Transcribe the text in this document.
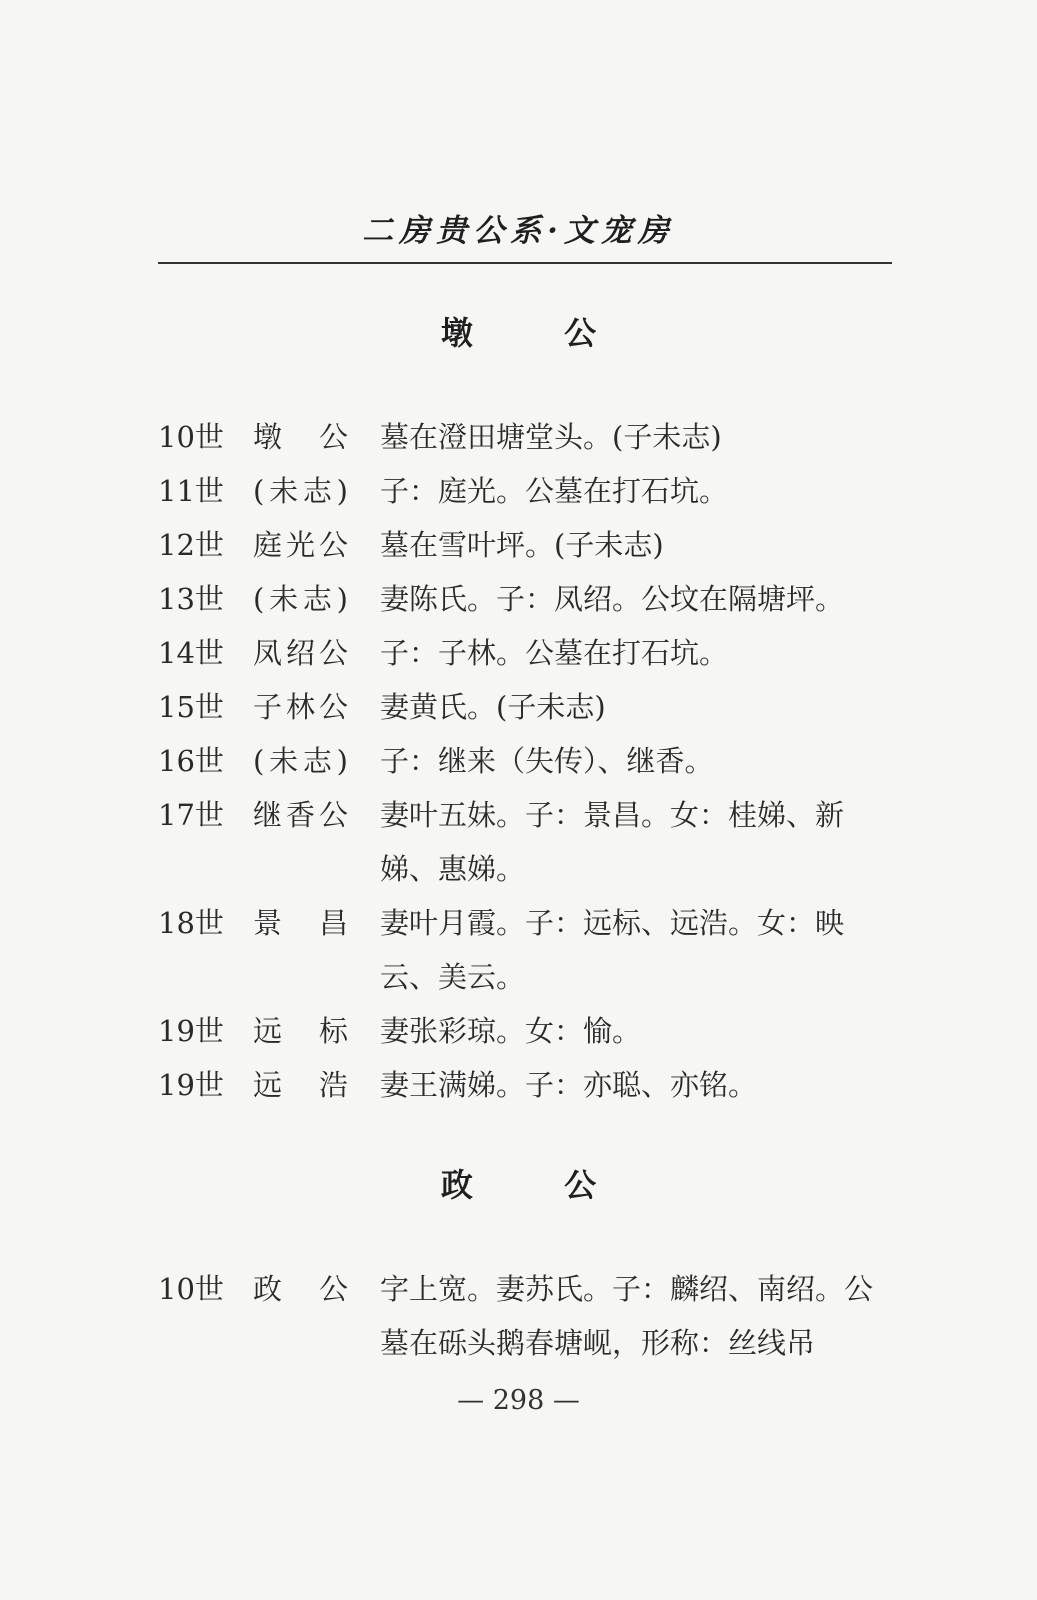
二房贵公系·文宠房
墩 公
10世	墩公 墓在澄田塘堂头。(子未志)
11世	(未志) 子：庭光。公墓在打石坑。
12世	庭光公 墓在雪叶坪。(子未志)
13世	(未志) 妻陈氏。子：凤绍。公坟在隔塘坪。
14世	凤绍公 子：子林。公墓在打石坑。
15世	子林公 妻黄氏。(子未志)
16世	(未志) 子：继来（失传）、继香。
17世	继香公 妻叶五妹。子：景昌。女：桂娣、新娣、惠娣。
18世	景昌 妻叶月霞。子：远标、远浩。女：映云、美云。
19世	远标 妻张彩琼。女：愉。
19世	远浩 妻王满娣。子：亦聪、亦铭。
政 公
10世	政公 字上宽。妻苏氏。子：麟绍、南绍。公墓在砾头鹅春塘岘，形称：丝线吊
— 298 —
